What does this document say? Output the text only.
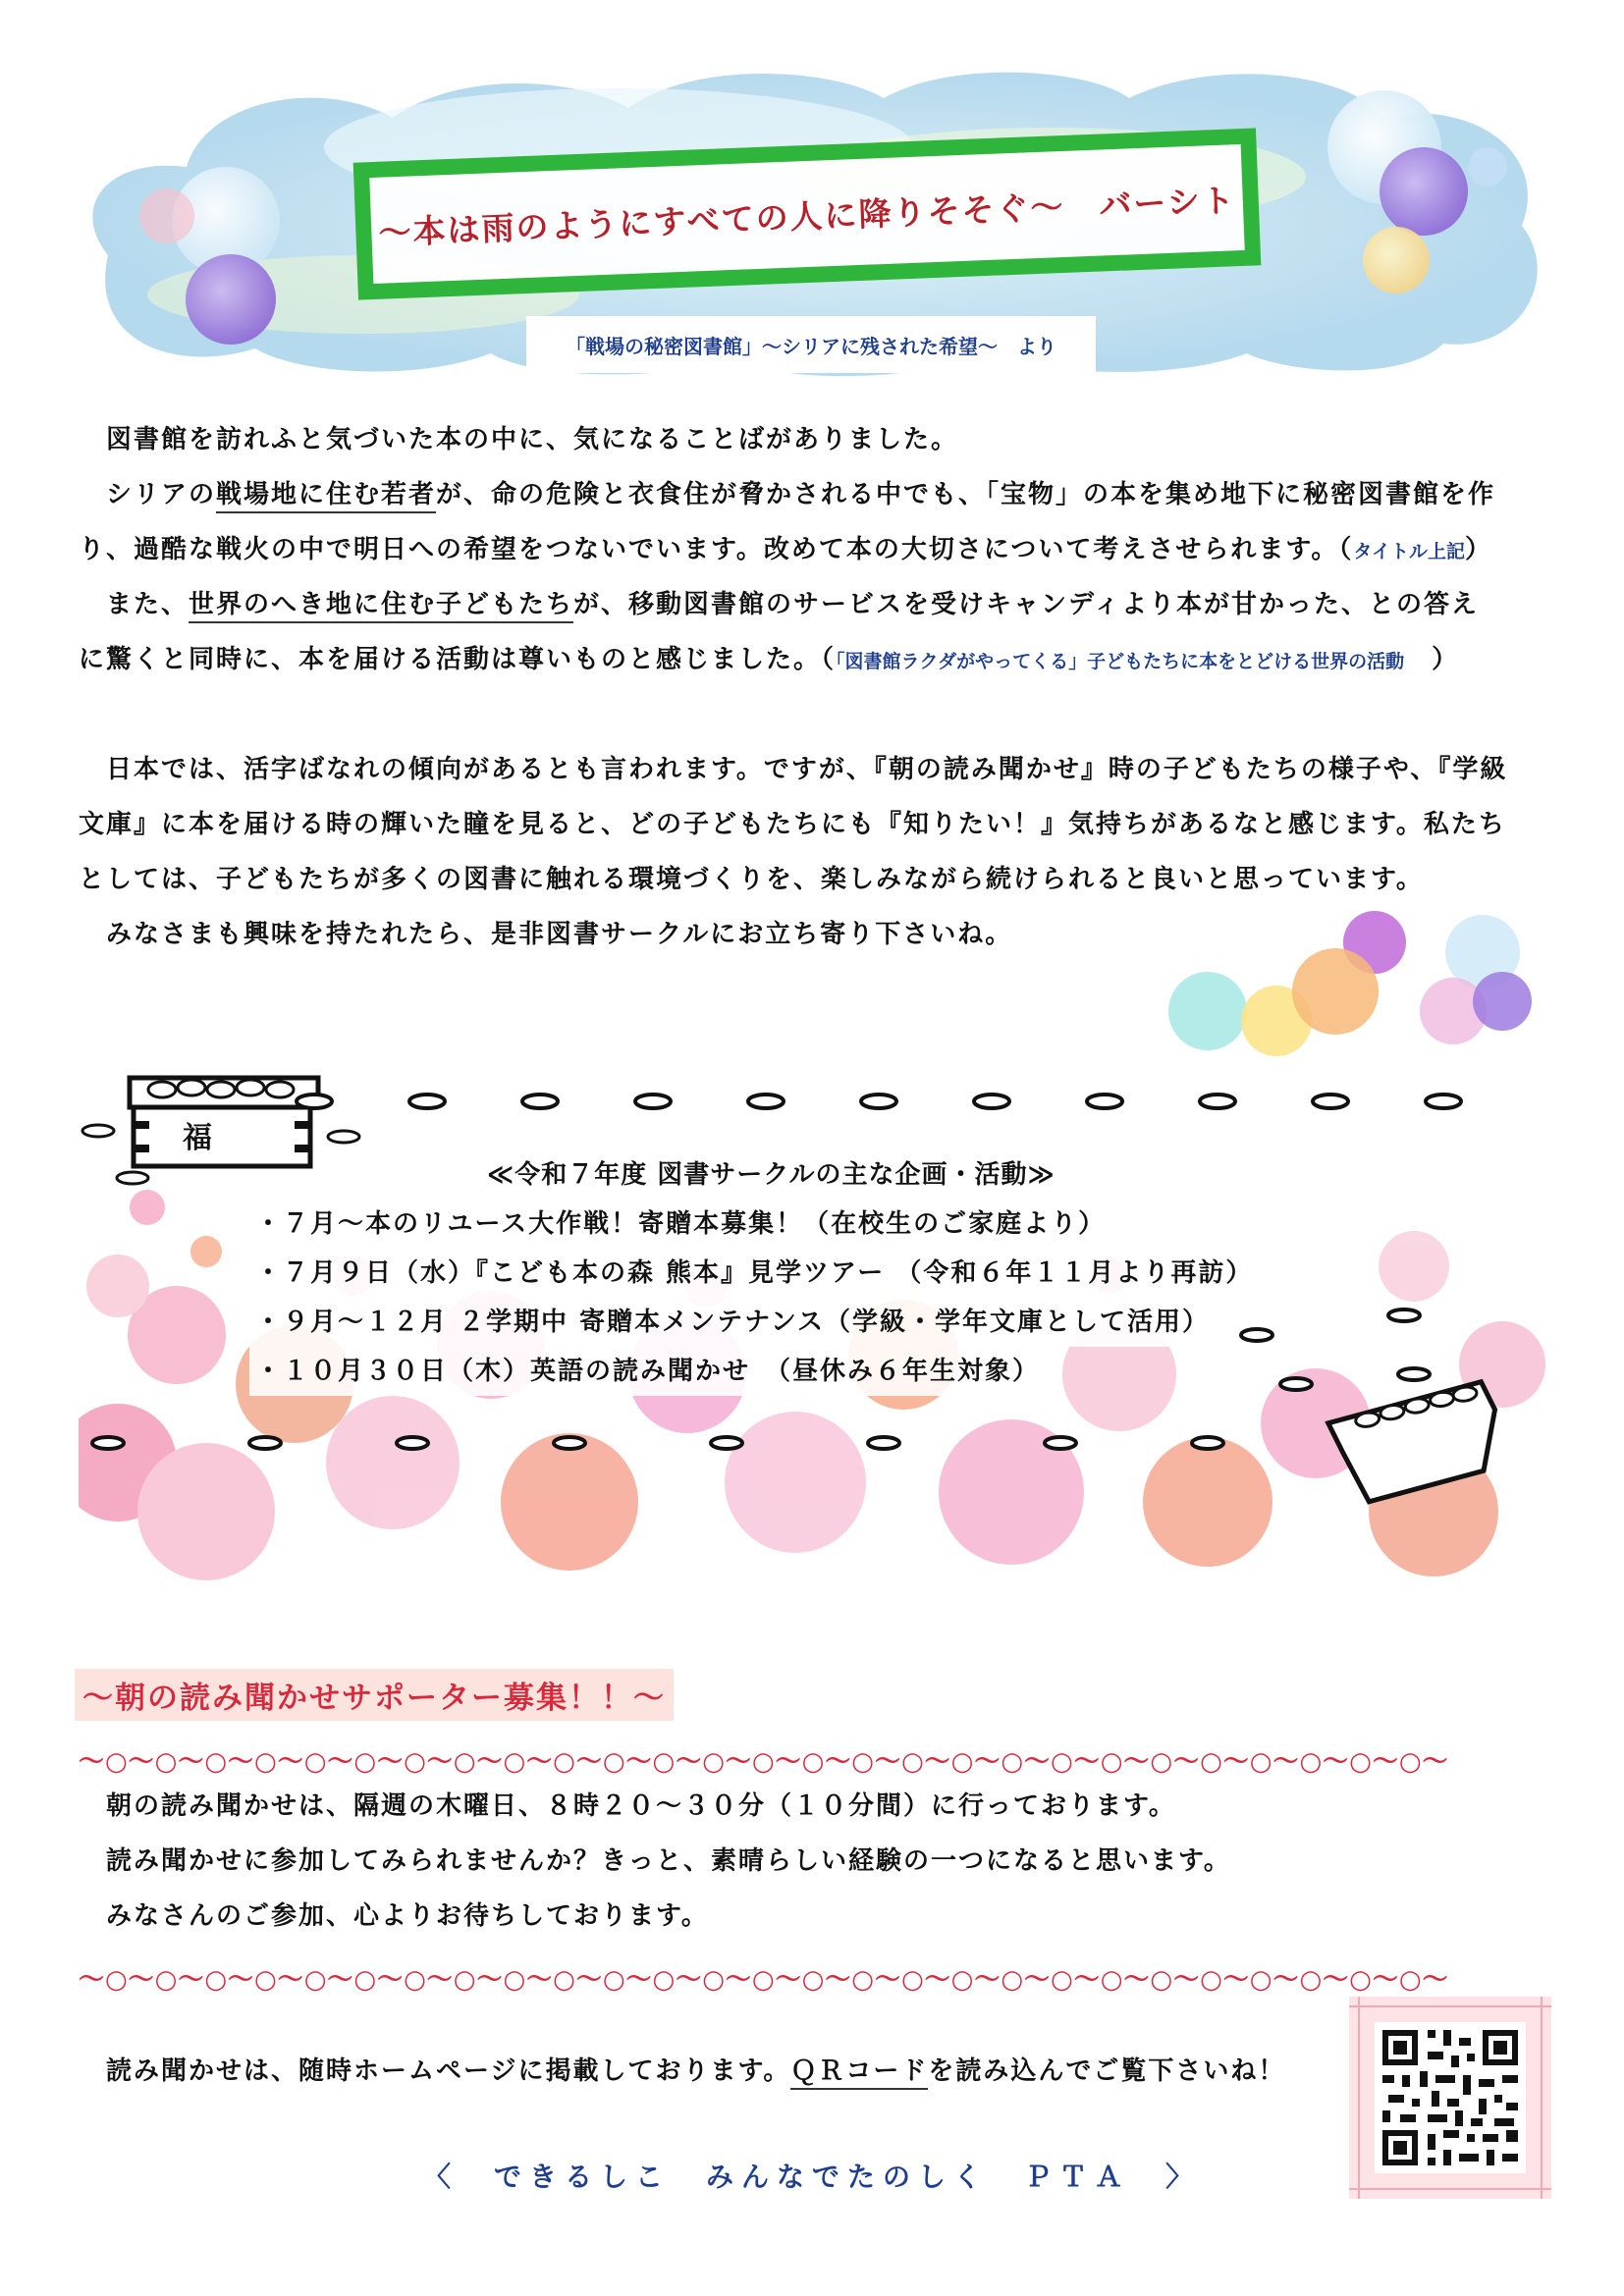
～本は雨のようにすべての人に降りそそぐ～　バーシト
「戦場の秘密図書館」～シリアに残された希望～　より
図書館を訪れふと気づいた本の中に、気になることばがありました。
シリアの戦場地に住む若者が、命の危険と衣食住が脅かされる中でも、「宝物」の本を集め地下に秘密図書館を作
り、過酷な戦火の中で明日への希望をつないでいます。改めて本の大切さについて考えさせられます。（タイトル上記）
また、世界のへき地に住む子どもたちが、移動図書館のサービスを受けキャンディより本が甘かった、との答え
に驚くと同時に、本を届ける活動は尊いものと感じました。（「図書館ラクダがやってくる」子どもたちに本をとどける世界の活動　）
日本では、活字ばなれの傾向があるとも言われます。ですが、『朝の読み聞かせ』時の子どもたちの様子や、『学級
文庫』に本を届ける時の輝いた瞳を見ると、どの子どもたちにも『知りたい！』気持ちがあるなと感じます。私たち
としては、子どもたちが多くの図書に触れる環境づくりを、楽しみながら続けられると良いと思っています。
みなさまも興味を持たれたら、是非図書サークルにお立ち寄り下さいね。
福
≪令和７年度 図書サークルの主な企画・活動≫
・７月～本のリユース大作戦！寄贈本募集！（在校生のご家庭より）
・７月９日（水）『こども本の森 熊本』見学ツアー （令和６年１１月より再訪）
・９月～１２月 ２学期中 寄贈本メンテナンス（学級・学年文庫として活用）
・１０月３０日（木）英語の読み聞かせ　（昼休み６年生対象）
～朝の読み聞かせサポーター募集！！～
～○～○～○～○～○～○～○～○～○～○～○～○～○～○～○～○～○～○～○～○～○～○～○～○～○～○～○～
朝の読み聞かせは、隔週の木曜日、８時２０～３０分（１０分間）に行っております。
読み聞かせに参加してみられませんか？きっと、素晴らしい経験の一つになると思います。
みなさんのご参加、心よりお待ちしております。
～○～○～○～○～○～○～○～○～○～○～○～○～○～○～○～○～○～○～○～○～○～○～○～○～○～○～○～
読み聞かせは、随時ホームページに掲載しております。ＱＲコードを読み込んでご覧下さいね！
〈　できるしこ　みんなでたのしく　ＰＴＡ　〉
